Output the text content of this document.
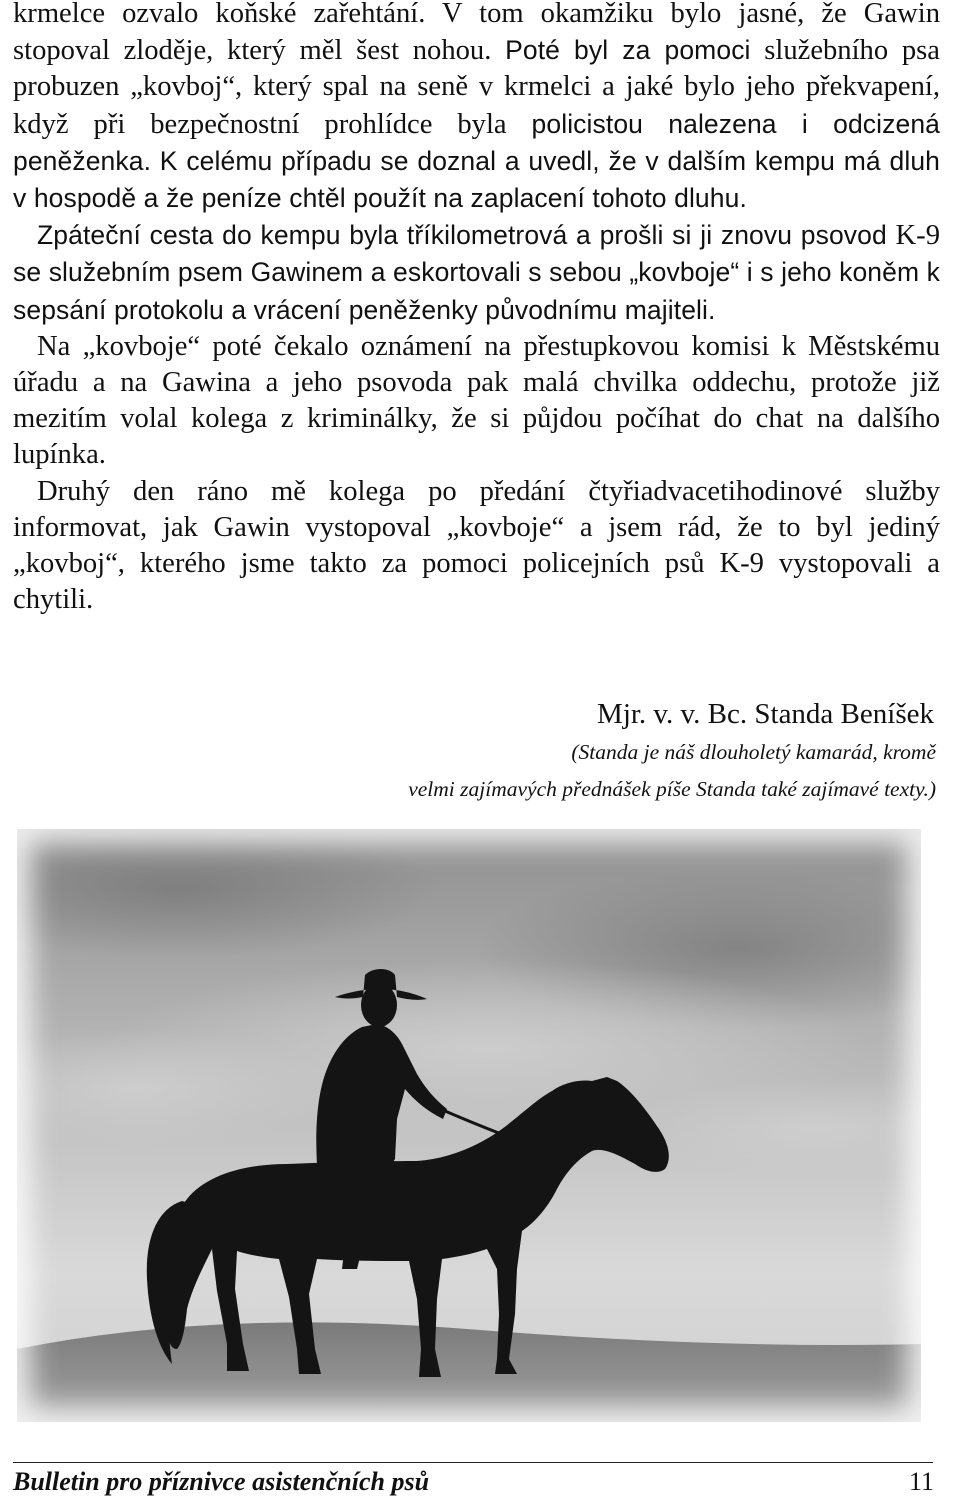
krmelce ozvalo koňské zařehtání. V tom okamžiku bylo jasné, že Gawin stopoval zloděje, který měl šest nohou. Poté byl za pomoci služebního psa probuzen „kovboj“, který spal na seně v krmelci a jaké bylo jeho překvapení, když při bezpečnostní prohlídce byla policistou nalezena i odcizená peněženka. K celému případu se doznal a uvedl, že v dalším kempu má dluh v hospodě a že peníze chtěl použít na zaplacení tohoto dluhu.

Zpáteční cesta do kempu byla tříkilometrová a prošli si ji znovu psovod K-9 se služebním psem Gawinem a eskortovali s sebou „kovboje“ i s jeho koněm k sepsání protokolu a vrácení peněženky původnímu majiteli.

Na „kovboje“ poté čekalo oznámení na přestupkovou komisi k Městskému úřadu a na Gawina a jeho psovoda pak malá chvilka oddechu, protože již mezitím volal kolega z kriminálky, že si půjdou počíhat do chat na dalšího lupínka.

Druhý den ráno mě kolega po předání čtyřiadvacetihodinové služby informovat, jak Gawin vystopoval „kovboje“ a jsem rád, že to byl jediný „kovboj“, kterého jsme takto za pomoci policejních psů K-9 vystopovali a chytili.

Mjr. v. v. Bc. Standa Beníšek
(Standa je náš dlouholetý kamarád, kromě
velmi zajímavých přednášek píše Standa také zajímavé texty.)
Bulletin pro příznivce asistenčních psů	11
